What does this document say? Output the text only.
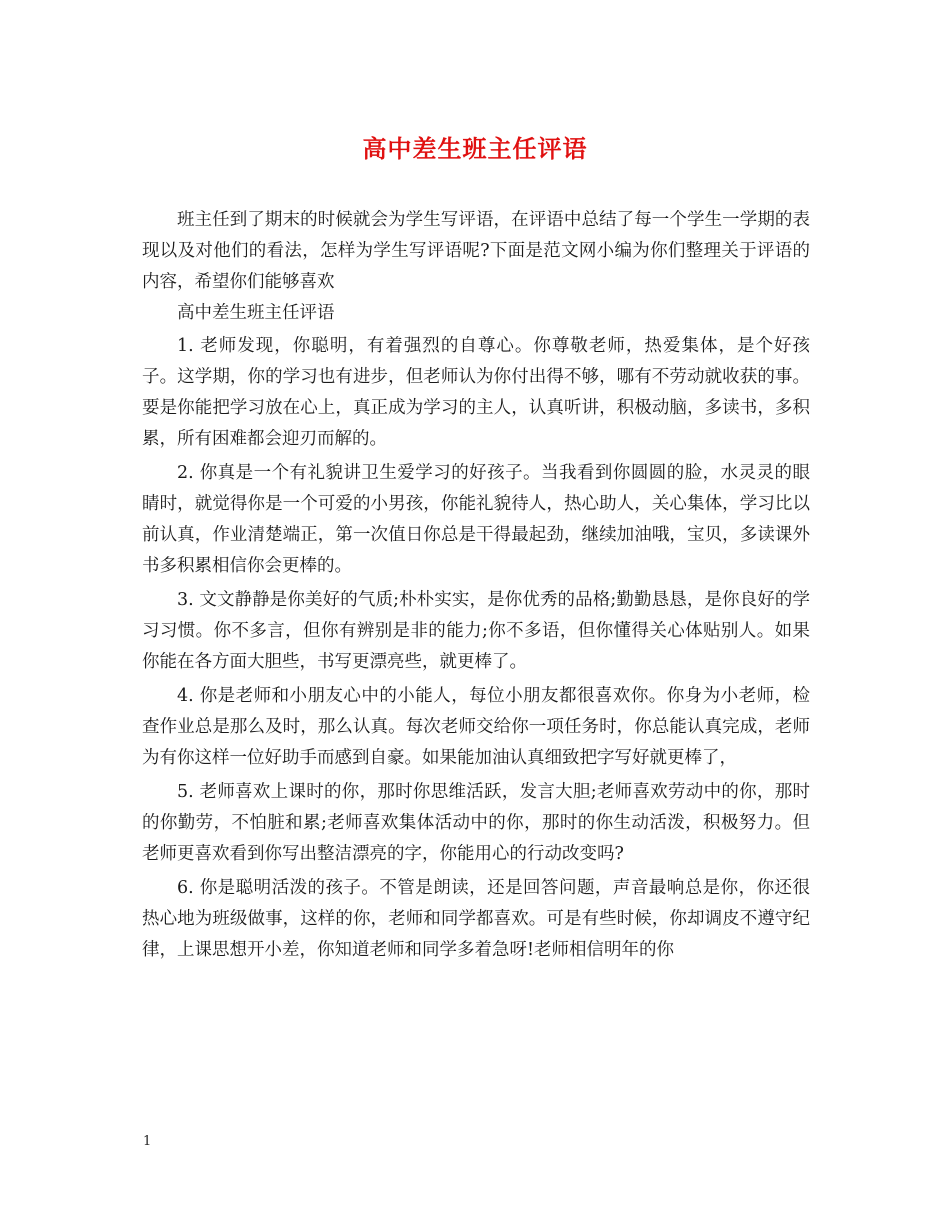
高中差生班主任评语

班主任到了期末的时候就会为学生写评语，在评语中总结了每一个学生一学期的表现以及对他们的看法，怎样为学生写评语呢?下面是范文网小编为你们整理关于评语的内容，希望你们能够喜欢

高中差生班主任评语

1. 老师发现，你聪明，有着强烈的自尊心。你尊敬老师，热爱集体，是个好孩子。这学期，你的学习也有进步，但老师认为你付出得不够，哪有不劳动就收获的事。要是你能把学习放在心上，真正成为学习的主人，认真听讲，积极动脑，多读书，多积累，所有困难都会迎刃而解的。

2. 你真是一个有礼貌讲卫生爱学习的好孩子。当我看到你圆圆的脸，水灵灵的眼睛时，就觉得你是一个可爱的小男孩，你能礼貌待人，热心助人，关心集体，学习比以前认真，作业清楚端正，第一次值日你总是干得最起劲，继续加油哦，宝贝，多读课外书多积累相信你会更棒的。

3. 文文静静是你美好的气质;朴朴实实，是你优秀的品格;勤勤恳恳，是你良好的学习习惯。你不多言，但你有辨别是非的能力;你不多语，但你懂得关心体贴别人。如果你能在各方面大胆些，书写更漂亮些，就更棒了。

4. 你是老师和小朋友心中的小能人，每位小朋友都很喜欢你。你身为小老师，检查作业总是那么及时，那么认真。每次老师交给你一项任务时，你总能认真完成，老师为有你这样一位好助手而感到自豪。如果能加油认真细致把字写好就更棒了，

5. 老师喜欢上课时的你，那时你思维活跃，发言大胆;老师喜欢劳动中的你，那时的你勤劳，不怕脏和累;老师喜欢集体活动中的你，那时的你生动活泼，积极努力。但老师更喜欢看到你写出整洁漂亮的字，你能用心的行动改变吗?

6. 你是聪明活泼的孩子。不管是朗读，还是回答问题，声音最响总是你，你还很热心地为班级做事，这样的你，老师和同学都喜欢。可是有些时候，你却调皮不遵守纪律，上课思想开小差，你知道老师和同学多着急呀!老师相信明年的你

1
